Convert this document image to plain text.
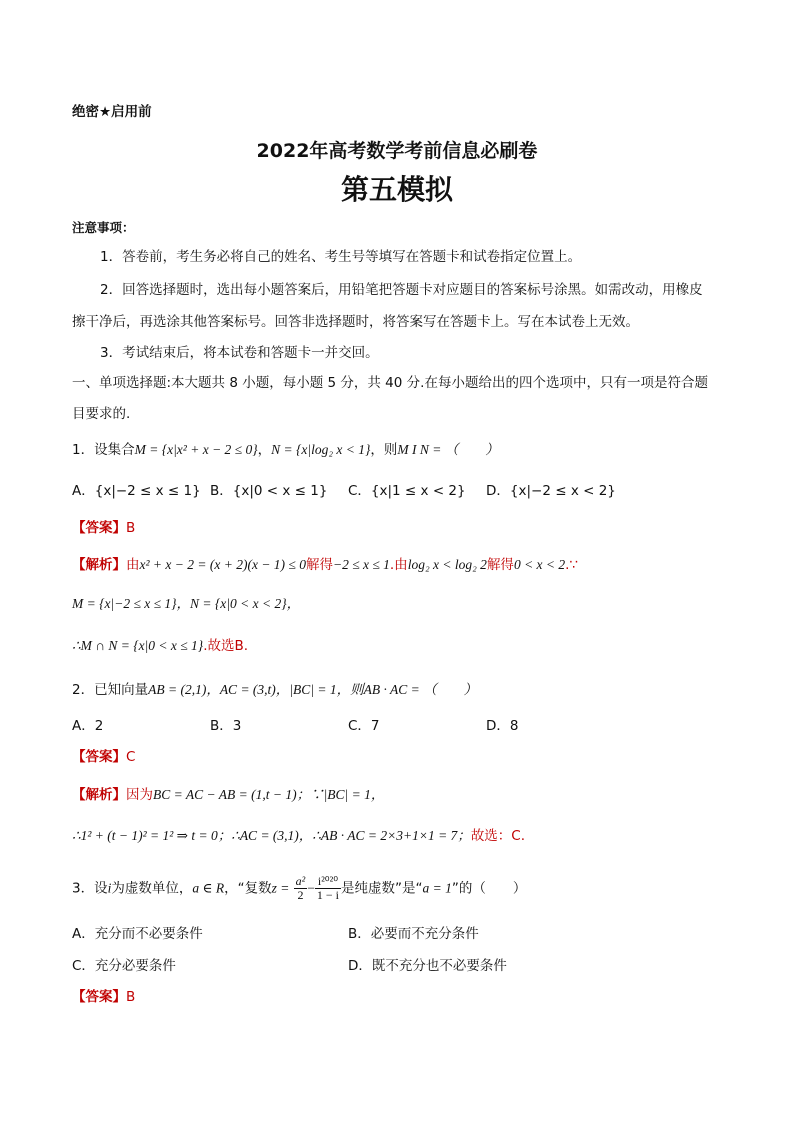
绝密★启用前
2022年高考数学考前信息必刷卷
第五模拟
注意事项：
1．答卷前，考生务必将自己的姓名、考生号等填写在答题卡和试卷指定位置上。
2．回答选择题时，选出每小题答案后，用铅笔把答题卡对应题目的答案标号涂黑。如需改动，用橡皮
擦干净后，再选涂其他答案标号。回答非选择题时，将答案写在答题卡上。写在本试卷上无效。
3．考试结束后，将本试卷和答题卡一并交回。
一、单项选择题:本大题共 8 小题，每小题 5 分，共 40 分.在每小题给出的四个选项中，只有一项是符合题
目要求的.
1．设集合M = {x|x² + x − 2 ≤ 0}，N = {x|log₂ x < 1}，则M I N = （　　）
A．{x|−2 ≤ x ≤ 1} B．{x|0 < x ≤ 1} C．{x|1 ≤ x < 2} D．{x|−2 ≤ x < 2}
【答案】B
【解析】由x² + x − 2 = (x + 2)(x − 1) ≤ 0解得−2 ≤ x ≤ 1.由log₂ x < log₂ 2解得0 < x < 2.∵
M = {x|−2 ≤ x ≤ 1}，N = {x|0 < x < 2}，
∴M ∩ N = {x|0 < x ≤ 1}.故选B.
2．已知向量AB = (2,1)，AC = (3,t)，|BC| = 1，则AB · AC = （　　）
A．2	B．3	C．7	D．8
【答案】C
【解析】因为BC = AC − AB = (1,t − 1)；∵|BC| = 1，
∴1² + (t − 1)² = 1² ⇒ t = 0；∴AC = (3,1)，∴AB · AC = 2×3+1×1 = 7；故选：C.
3．设i为虚数单位，a ∈ R，“复数$z = \frac{\text{a²}}{2} - \frac{\text{i²⁰²⁰}}{1 - i}$ 是纯虚数”是“a = 1”的（　　）
A．充分而不必要条件	B．必要而不充分条件
C．充分必要条件	D．既不充分也不必要条件
【答案】B
